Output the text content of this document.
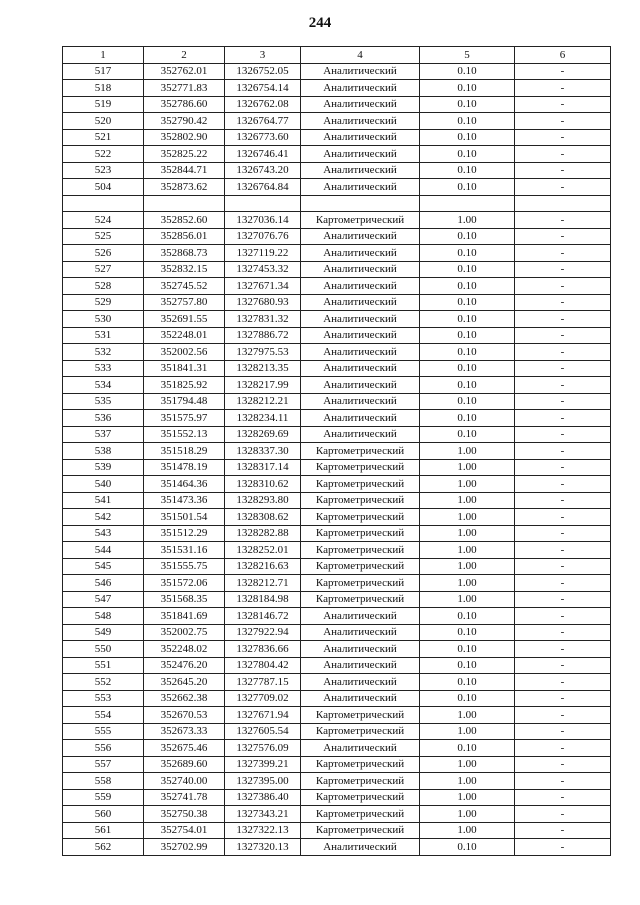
244
1	2	3	4	5	6
517	352762.01	1326752.05	Аналитический	0.10	-
518	352771.83	1326754.14	Аналитический	0.10	-
519	352786.60	1326762.08	Аналитический	0.10	-
520	352790.42	1326764.77	Аналитический	0.10	-
521	352802.90	1326773.60	Аналитический	0.10	-
522	352825.22	1326746.41	Аналитический	0.10	-
523	352844.71	1326743.20	Аналитический	0.10	-
504	352873.62	1326764.84	Аналитический	0.10	-

524	352852.60	1327036.14	Картометрический	1.00	-
525	352856.01	1327076.76	Аналитический	0.10	-
526	352868.73	1327119.22	Аналитический	0.10	-
527	352832.15	1327453.32	Аналитический	0.10	-
528	352745.52	1327671.34	Аналитический	0.10	-
529	352757.80	1327680.93	Аналитический	0.10	-
530	352691.55	1327831.32	Аналитический	0.10	-
531	352248.01	1327886.72	Аналитический	0.10	-
532	352002.56	1327975.53	Аналитический	0.10	-
533	351841.31	1328213.35	Аналитический	0.10	-
534	351825.92	1328217.99	Аналитический	0.10	-
535	351794.48	1328212.21	Аналитический	0.10	-
536	351575.97	1328234.11	Аналитический	0.10	-
537	351552.13	1328269.69	Аналитический	0.10	-
538	351518.29	1328337.30	Картометрический	1.00	-
539	351478.19	1328317.14	Картометрический	1.00	-
540	351464.36	1328310.62	Картометрический	1.00	-
541	351473.36	1328293.80	Картометрический	1.00	-
542	351501.54	1328308.62	Картометрический	1.00	-
543	351512.29	1328282.88	Картометрический	1.00	-
544	351531.16	1328252.01	Картометрический	1.00	-
545	351555.75	1328216.63	Картометрический	1.00	-
546	351572.06	1328212.71	Картометрический	1.00	-
547	351568.35	1328184.98	Картометрический	1.00	-
548	351841.69	1328146.72	Аналитический	0.10	-
549	352002.75	1327922.94	Аналитический	0.10	-
550	352248.02	1327836.66	Аналитический	0.10	-
551	352476.20	1327804.42	Аналитический	0.10	-
552	352645.20	1327787.15	Аналитический	0.10	-
553	352662.38	1327709.02	Аналитический	0.10	-
554	352670.53	1327671.94	Картометрический	1.00	-
555	352673.33	1327605.54	Картометрический	1.00	-
556	352675.46	1327576.09	Аналитический	0.10	-
557	352689.60	1327399.21	Картометрический	1.00	-
558	352740.00	1327395.00	Картометрический	1.00	-
559	352741.78	1327386.40	Картометрический	1.00	-
560	352750.38	1327343.21	Картометрический	1.00	-
561	352754.01	1327322.13	Картометрический	1.00	-
562	352702.99	1327320.13	Аналитический	0.10	-
